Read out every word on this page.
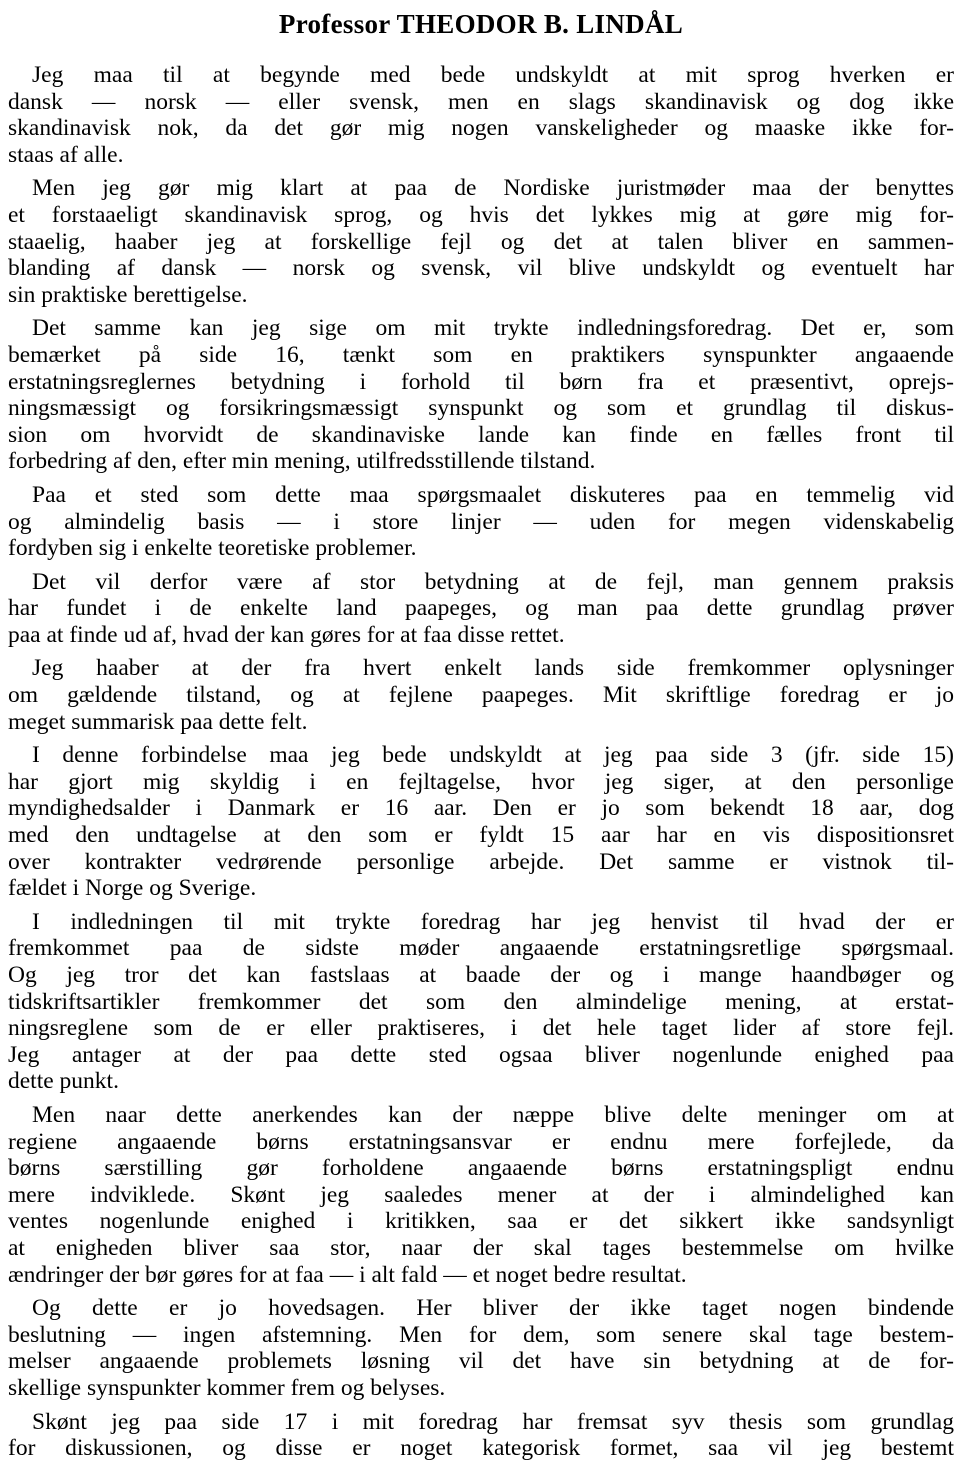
Professor THEODOR B. LINDÅL
Jeg maa til at begynde med bede undskyldt at mit sprog hverken er
dansk — norsk — eller svensk, men en slags skandinavisk og dog ikke
skandinavisk nok, da det gør mig nogen vanskeligheder og maaske ikke for-
staas af alle.
Men jeg gør mig klart at paa de Nordiske juristmøder maa der benyttes
et forstaaeligt skandinavisk sprog, og hvis det lykkes mig at gøre mig for-
staaelig, haaber jeg at forskellige fejl og det at talen bliver en sammen-
blanding af dansk — norsk og svensk, vil blive undskyldt og eventuelt har
sin praktiske berettigelse.
Det samme kan jeg sige om mit trykte indledningsforedrag. Det er, som
bemærket på side 16, tænkt som en praktikers synspunkter angaaende
erstatningsreglernes betydning i forhold til børn fra et præsentivt, oprejs-
ningsmæssigt og forsikringsmæssigt synspunkt og som et grundlag til diskus-
sion om hvorvidt de skandinaviske lande kan finde en fælles front til
forbedring af den, efter min mening, utilfredsstillende tilstand.
Paa et sted som dette maa spørgsmaalet diskuteres paa en temmelig vid
og almindelig basis — i store linjer — uden for megen videnskabelig
fordyben sig i enkelte teoretiske problemer.
Det vil derfor være af stor betydning at de fejl, man gennem praksis
har fundet i de enkelte land paapeges, og man paa dette grundlag prøver
paa at finde ud af, hvad der kan gøres for at faa disse rettet.
Jeg haaber at der fra hvert enkelt lands side fremkommer oplysninger
om gældende tilstand, og at fejlene paapeges. Mit skriftlige foredrag er jo
meget summarisk paa dette felt.
I denne forbindelse maa jeg bede undskyldt at jeg paa side 3 (jfr. side 15)
har gjort mig skyldig i en fejltagelse, hvor jeg siger, at den personlige
myndighedsalder i Danmark er 16 aar. Den er jo som bekendt 18 aar, dog
med den undtagelse at den som er fyldt 15 aar har en vis dispositionsret
over kontrakter vedrørende personlige arbejde. Det samme er vistnok til-
fældet i Norge og Sverige.
I indledningen til mit trykte foredrag har jeg henvist til hvad der er
fremkommet paa de sidste møder angaaende erstatningsretlige spørgsmaal.
Og jeg tror det kan fastslaas at baade der og i mange haandbøger og
tidskriftsartikler fremkommer det som den almindelige mening, at erstat-
ningsreglene som de er eller praktiseres, i det hele taget lider af store fejl.
Jeg antager at der paa dette sted ogsaa bliver nogenlunde enighed paa
dette punkt.
Men naar dette anerkendes kan der næppe blive delte meninger om at
regiene angaaende børns erstatningsansvar er endnu mere forfejlede, da
børns særstilling gør forholdene angaaende børns erstatningspligt endnu
mere indviklede. Skønt jeg saaledes mener at der i almindelighed kan
ventes nogenlunde enighed i kritikken, saa er det sikkert ikke sandsynligt
at enigheden bliver saa stor, naar der skal tages bestemmelse om hvilke
ændringer der bør gøres for at faa — i alt fald — et noget bedre resultat.
Og dette er jo hovedsagen. Her bliver der ikke taget nogen bindende
beslutning — ingen afstemning. Men for dem, som senere skal tage bestem-
melser angaaende problemets løsning vil det have sin betydning at de for-
skellige synspunkter kommer frem og belyses.
Skønt jeg paa side 17 i mit foredrag har fremsat syv thesis som grundlag
for diskussionen, og disse er noget kategorisk formet, saa vil jeg bestemt
